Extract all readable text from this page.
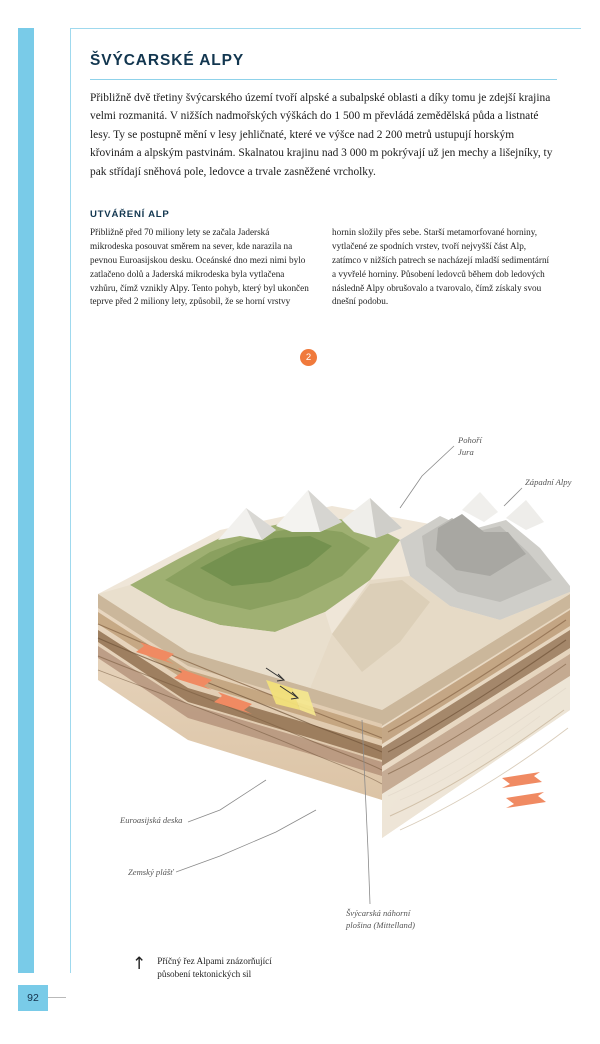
92
ŠVÝCARSKÉ ALPY

Přibližně dvě třetiny švýcarského území tvoří alpské a subalpské oblasti a díky tomu je zdejší krajina velmi rozmanitá. V nižších nadmořských výškách do 1 500 m převládá zemědělská půda a listnaté lesy. Ty se postupně mění v lesy jehličnaté, které ve výšce nad 2 200 metrů ustupují horským křovinám a alpským pastvinám. Skalnatou krajinu nad 3 000 m pokrývají už jen mechy a lišejníky, ty pak střídají sněhová pole, ledovce a trvale zasněžené vrcholky.

UTVÁŘENÍ ALP

Přibližně před 70 miliony lety se začala Jaderská mikrodeska posouvat směrem na sever, kde narazila na pevnou Euroasijskou desku. Oceánské dno mezi nimi bylo zatlačeno dolů a Jaderská mikrodeska byla vytlačena vzhůru, čímž vznikly Alpy. Tento pohyb, který byl ukončen teprve před 2 miliony lety, způsobil, že se horní vrstvy

hornin složily přes sebe. Starší metamorfované horniny, vytlačené ze spodních vrstev, tvoří nejvyšší část Alp, zatímco v nižších patrech se nacházejí mladší sedimentární a vyvřelé horniny. Působení ledovců během dob ledových následně Alpy obrušovalo a tvarovalo, čímž získaly svou dnešní podobu.

Pohoří
Jura
Západní Alpy
Euroasijská deska
Zemský plášť
Švýcarská náhorní
plošina (Mittelland)
↑ Příčný řez Alpami znázorňující
působení tektonických sil
2
